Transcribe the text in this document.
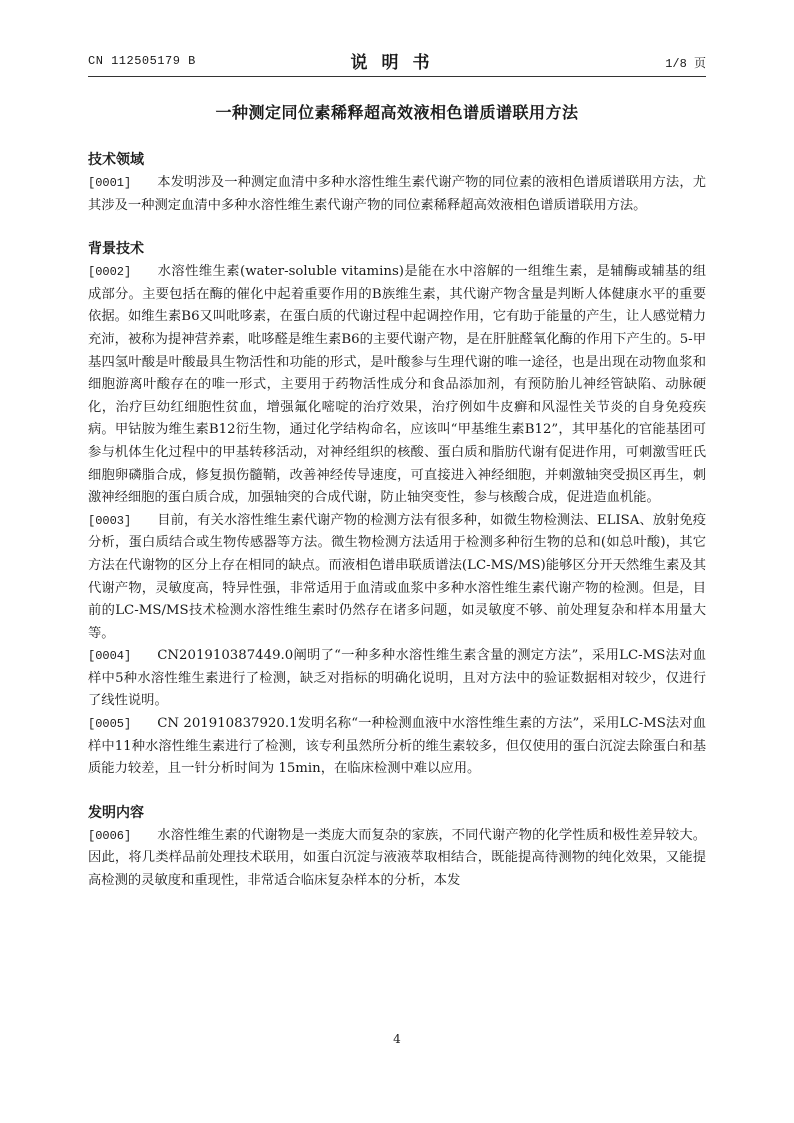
CN 112505179 B	说明书	1/8 页
一种测定同位素稀释超高效液相色谱质谱联用方法
技术领域

[0001] 本发明涉及一种测定血清中多种水溶性维生素代谢产物的同位素的液相色谱质谱联用方法，尤其涉及一种测定血清中多种水溶性维生素代谢产物的同位素稀释超高效液相色谱质谱联用方法。

背景技术

[0002] 水溶性维生素(water-soluble vitamins)是能在水中溶解的一组维生素，是辅酶或辅基的组成部分。主要包括在酶的催化中起着重要作用的B族维生素，其代谢产物含量是判断人体健康水平的重要依据。如维生素B6又叫吡哆素，在蛋白质的代谢过程中起调控作用，它有助于能量的产生，让人感觉精力充沛，被称为提神营养素，吡哆醛是维生素B6的主要代谢产物，是在肝脏醛氧化酶的作用下产生的。5-甲基四氢叶酸是叶酸最具生物活性和功能的形式，是叶酸参与生理代谢的唯一途径，也是出现在动物血浆和细胞游离叶酸存在的唯一形式，主要用于药物活性成分和食品添加剂，有预防胎儿神经管缺陷、动脉硬化，治疗巨幼红细胞性贫血，增强氟化嘧啶的治疗效果，治疗例如牛皮癣和风湿性关节炎的自身免疫疾病。甲钴胺为维生素B12衍生物，通过化学结构命名，应该叫“甲基维生素B12”，其甲基化的官能基团可参与机体生化过程中的甲基转移活动，对神经组织的核酸、蛋白质和脂肪代谢有促进作用，可刺激雪旺氏细胞卵磷脂合成，修复损伤髓鞘，改善神经传导速度，可直接进入神经细胞，并刺激轴突受损区再生，刺激神经细胞的蛋白质合成，加强轴突的合成代谢，防止轴突变性，参与核酸合成，促进造血机能。

[0003] 目前，有关水溶性维生素代谢产物的检测方法有很多种，如微生物检测法、ELISA、放射免疫分析，蛋白质结合或生物传感器等方法。微生物检测方法适用于检测多种衍生物的总和(如总叶酸)，其它方法在代谢物的区分上存在相同的缺点。而液相色谱串联质谱法(LC-MS/MS)能够区分开天然维生素及其代谢产物，灵敏度高，特异性强，非常适用于血清或血浆中多种水溶性维生素代谢产物的检测。但是，目前的LC-MS/MS技术检测水溶性维生素时仍然存在诸多问题，如灵敏度不够、前处理复杂和样本用量大等。

[0004] CN201910387449.0阐明了“一种多种水溶性维生素含量的测定方法”，采用LC-MS法对血样中5种水溶性维生素进行了检测，缺乏对指标的明确化说明，且对方法中的验证数据相对较少，仅进行了线性说明。

[0005] CN 201910837920.1发明名称“一种检测血液中水溶性维生素的方法”，采用LC-MS法对血样中11种水溶性维生素进行了检测，该专利虽然所分析的维生素较多，但仅使用的蛋白沉淀去除蛋白和基质能力较差，且一针分析时间为 15min，在临床检测中难以应用。

发明内容

[0006] 水溶性维生素的代谢物是一类庞大而复杂的家族，不同代谢产物的化学性质和极性差异较大。因此，将几类样品前处理技术联用，如蛋白沉淀与液液萃取相结合，既能提高待测物的纯化效果，又能提高检测的灵敏度和重现性，非常适合临床复杂样本的分析，本发

4
